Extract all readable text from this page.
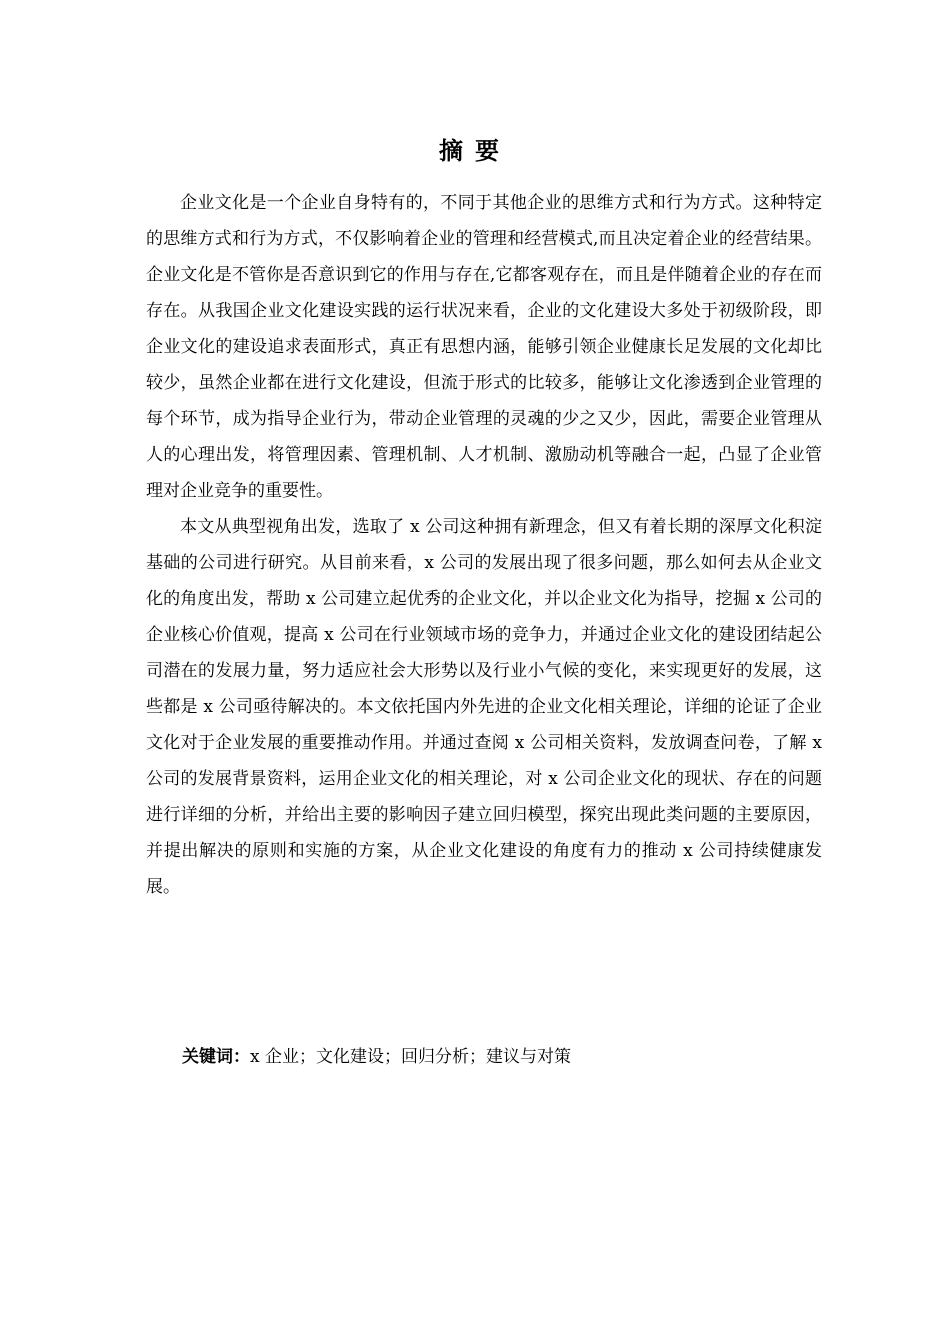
摘要

企业文化是一个企业自身特有的，不同于其他企业的思维方式和行为方式。这种特定的思维方式和行为方式，不仅影响着企业的管理和经营模式,而且决定着企业的经营结果。企业文化是不管你是否意识到它的作用与存在,它都客观存在，而且是伴随着企业的存在而存在。从我国企业文化建设实践的运行状况来看，企业的文化建设大多处于初级阶段，即企业文化的建设追求表面形式，真正有思想内涵，能够引领企业健康长足发展的文化却比较少，虽然企业都在进行文化建设，但流于形式的比较多，能够让文化渗透到企业管理的每个环节，成为指导企业行为，带动企业管理的灵魂的少之又少，因此，需要企业管理从人的心理出发，将管理因素、管理机制、人才机制、激励动机等融合一起，凸显了企业管理对企业竞争的重要性。

本文从典型视角出发，选取了 x 公司这种拥有新理念，但又有着长期的深厚文化积淀基础的公司进行研究。从目前来看，x 公司的发展出现了很多问题，那么如何去从企业文化的角度出发，帮助 x 公司建立起优秀的企业文化，并以企业文化为指导，挖掘 x 公司的企业核心价值观，提高 x 公司在行业领域市场的竞争力，并通过企业文化的建设团结起公司潜在的发展力量，努力适应社会大形势以及行业小气候的变化，来实现更好的发展，这些都是 x 公司亟待解决的。本文依托国内外先进的企业文化相关理论，详细的论证了企业文化对于企业发展的重要推动作用。并通过查阅 x 公司相关资料，发放调查问卷，了解 x 公司的发展背景资料，运用企业文化的相关理论，对 x 公司企业文化的现状、存在的问题进行详细的分析，并给出主要的影响因子建立回归模型，探究出现此类问题的主要原因，并提出解决的原则和实施的方案，从企业文化建设的角度有力的推动 x 公司持续健康发展。

关键词：x 企业；文化建设；回归分析；建议与对策
